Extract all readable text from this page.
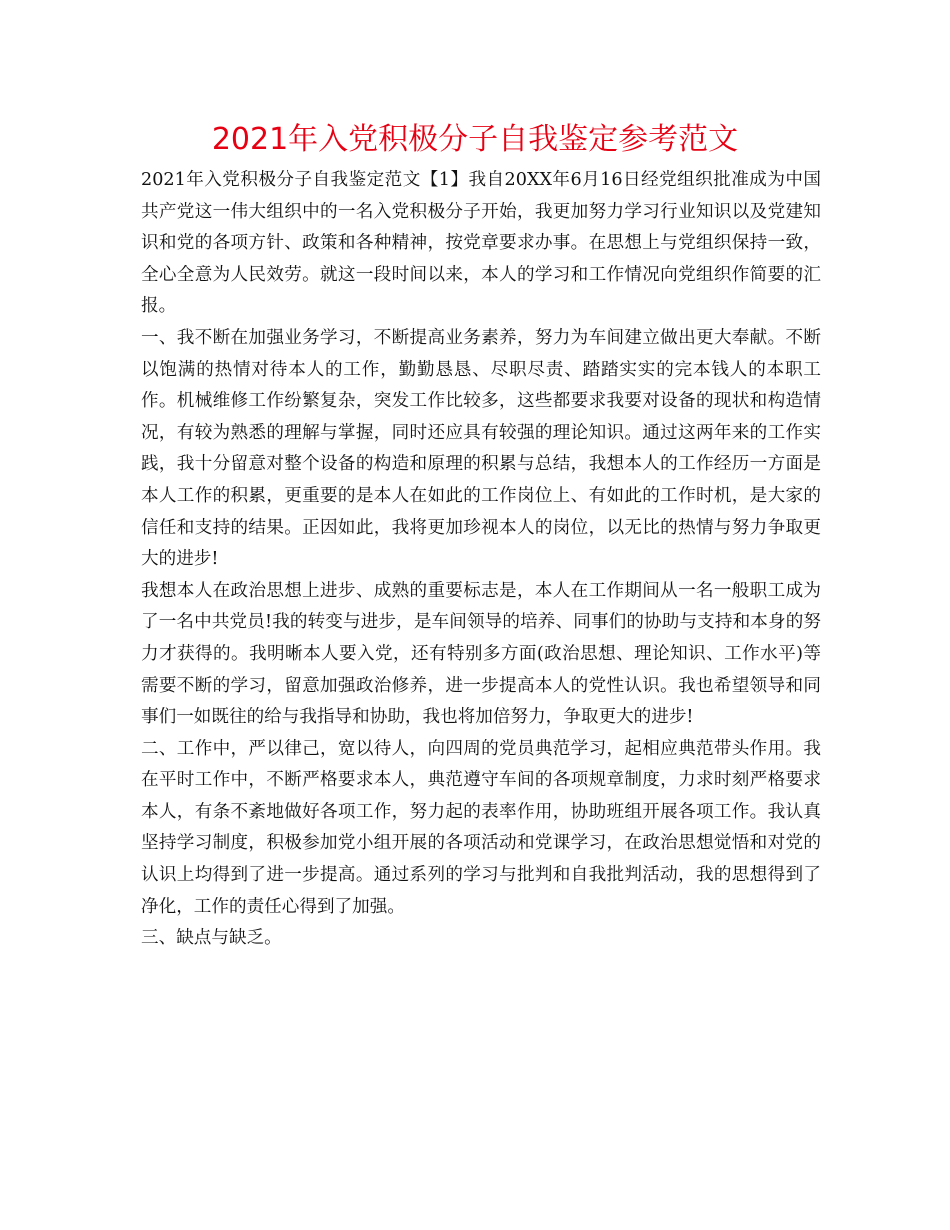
2021年入党积极分子自我鉴定参考范文

2021年入党积极分子自我鉴定范文【1】我自20XX年6月16日经党组织批准成为中国共产党这一伟大组织中的一名入党积极分子开始，我更加努力学习行业知识以及党建知识和党的各项方针、政策和各种精神，按党章要求办事。在思想上与党组织保持一致，全心全意为人民效劳。就这一段时间以来，本人的学习和工作情况向党组织作简要的汇报。

一、我不断在加强业务学习，不断提高业务素养，努力为车间建立做出更大奉献。不断以饱满的热情对待本人的工作，勤勤恳恳、尽职尽责、踏踏实实的完本钱人的本职工作。机械维修工作纷繁复杂，突发工作比较多，这些都要求我要对设备的现状和构造情况，有较为熟悉的理解与掌握，同时还应具有较强的理论知识。通过这两年来的工作实践，我十分留意对整个设备的构造和原理的积累与总结，我想本人的工作经历一方面是本人工作的积累，更重要的是本人在如此的工作岗位上、有如此的工作时机，是大家的信任和支持的结果。正因如此，我将更加珍视本人的岗位，以无比的热情与努力争取更大的进步!

我想本人在政治思想上进步、成熟的重要标志是，本人在工作期间从一名一般职工成为了一名中共党员!我的转变与进步，是车间领导的培养、同事们的协助与支持和本身的努力才获得的。我明晰本人要入党，还有特别多方面(政治思想、理论知识、工作水平)等需要不断的学习，留意加强政治修养，进一步提高本人的党性认识。我也希望领导和同事们一如既往的给与我指导和协助，我也将加倍努力，争取更大的进步!

二、工作中，严以律己，宽以待人，向四周的党员典范学习，起相应典范带头作用。我在平时工作中，不断严格要求本人，典范遵守车间的各项规章制度，力求时刻严格要求本人，有条不紊地做好各项工作，努力起的表率作用，协助班组开展各项工作。我认真坚持学习制度，积极参加党小组开展的各项活动和党课学习，在政治思想觉悟和对党的认识上均得到了进一步提高。通过系列的学习与批判和自我批判活动，我的思想得到了净化，工作的责任心得到了加强。

三、缺点与缺乏。
